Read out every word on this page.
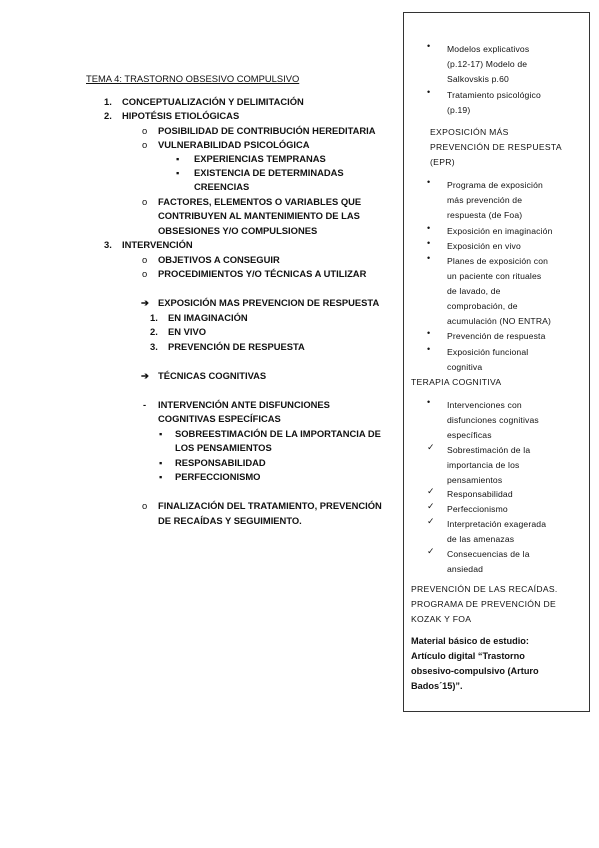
TEMA 4: TRASTORNO OBSESIVO COMPULSIVO
1. CONCEPTUALIZACIÓN Y DELIMITACIÓN
2. HIPOTÉSIS ETIOLÓGICAS
o POSIBILIDAD DE CONTRIBUCIÓN HEREDITARIA
o VULNERABILIDAD PSICOLÓGICA
▪ EXPERIENCIAS TEMPRANAS
▪ EXISTENCIA DE DETERMINADAS
CREENCIAS
o FACTORES, ELEMENTOS O VARIABLES QUE
CONTRIBUYEN AL MANTENIMIENTO DE LAS
OBSESIONES Y/O COMPULSIONES
3. INTERVENCIÓN
o OBJETIVOS A CONSEGUIR
o PROCEDIMIENTOS Y/O TÉCNICAS A UTILIZAR
➔ EXPOSICIÓN MAS PREVENCION DE RESPUESTA
1. EN IMAGINACIÓN
2. EN VIVO
3. PREVENCIÓN DE RESPUESTA
➔ TÉCNICAS COGNITIVAS
- INTERVENCIÓN ANTE DISFUNCIONES
COGNITIVAS ESPECÍFICAS
▪ SOBREESTIMACIÓN DE LA IMPORTANCIA DE
LOS PENSAMIENTOS
▪ RESPONSABILIDAD
▪ PERFECCIONISMO
o FINALIZACIÓN DEL TRATAMIENTO, PREVENCIÓN
DE RECAÍDAS Y SEGUIMIENTO.
• Modelos explicativos
(p.12-17) Modelo de
Salkovskis p.60
• Tratamiento psicológico
(p.19)
EXPOSICIÓN MÁS
PREVENCIÓN DE RESPUESTA
(EPR)
• Programa de exposición
más prevención de
respuesta (de Foa)
• Exposición en imaginación
• Exposición en vivo
• Planes de exposición con
un paciente con rituales
de lavado, de
comprobación, de
acumulación (NO ENTRA)
• Prevención de respuesta
• Exposición funcional
cognitiva
TERAPIA COGNITIVA
• Intervenciones con
disfunciones cognitivas
específicas
✓ Sobrestimación de la
importancia de los
pensamientos
✓ Responsabilidad
✓ Perfeccionismo
✓ Interpretación exagerada
de las amenazas
✓ Consecuencias de la
ansiedad
PREVENCIÓN DE LAS RECAÍDAS.
PROGRAMA DE PREVENCIÓN DE
KOZAK Y FOA
Material básico de estudio:
Artículo digital “Trastorno
obsesivo-compulsivo (Arturo
Bados´15)”.
